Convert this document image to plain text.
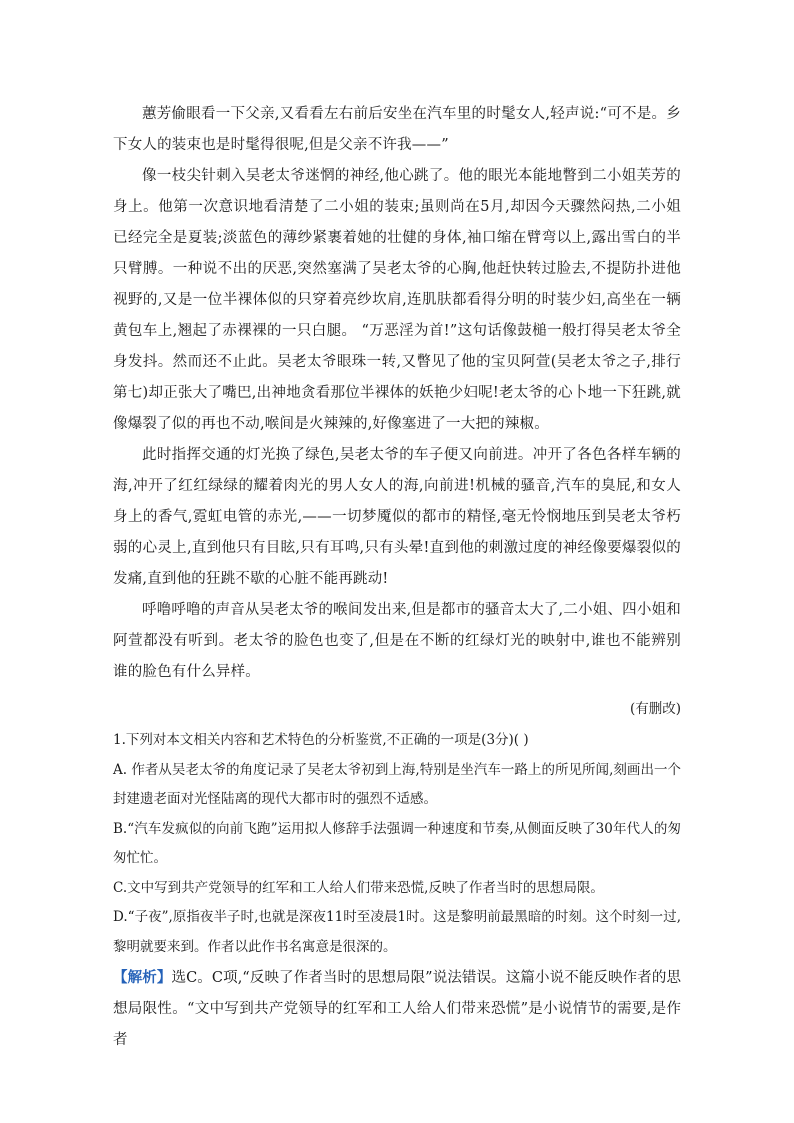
蕙芳偷眼看一下父亲,又看看左右前后安坐在汽车里的时髦女人,轻声说:“可不是。乡下女人的装束也是时髦得很呢,但是父亲不许我——”

像一枝尖针刺入吴老太爷迷惘的神经,他心跳了。他的眼光本能地瞥到二小姐芙芳的身上。他第一次意识地看清楚了二小姐的装束;虽则尚在5月,却因今天骤然闷热,二小姐已经完全是夏装;淡蓝色的薄纱紧裹着她的壮健的身体,袖口缩在臂弯以上,露出雪白的半只臂膊。一种说不出的厌恶,突然塞满了吴老太爷的心胸,他赶快转过脸去,不提防扑进他视野的,又是一位半裸体似的只穿着亮纱坎肩,连肌肤都看得分明的时装少妇,高坐在一辆黄包车上,翘起了赤裸裸的一只白腿。 “万恶淫为首!”这句话像鼓槌一般打得吴老太爷全身发抖。然而还不止此。吴老太爷眼珠一转,又瞥见了他的宝贝阿萱(吴老太爷之子,排行第七)却正张大了嘴巴,出神地贪看那位半裸体的妖艳少妇呢!老太爷的心卜地一下狂跳,就像爆裂了似的再也不动,喉间是火辣辣的,好像塞进了一大把的辣椒。

此时指挥交通的灯光换了绿色,吴老太爷的车子便又向前进。冲开了各色各样车辆的海,冲开了红红绿绿的耀着肉光的男人女人的海,向前进!机械的骚音,汽车的臭屁,和女人身上的香气,霓虹电管的赤光,——一切梦魇似的都市的精怪,毫无怜悯地压到吴老太爷朽弱的心灵上,直到他只有目眩,只有耳鸣,只有头晕!直到他的刺激过度的神经像要爆裂似的发痛,直到他的狂跳不歇的心脏不能再跳动!

呼噜呼噜的声音从吴老太爷的喉间发出来,但是都市的骚音太大了,二小姐、四小姐和阿萱都没有听到。老太爷的脸色也变了,但是在不断的红绿灯光的映射中,谁也不能辨别谁的脸色有什么异样。

(有删改)

1.下列对本文相关内容和艺术特色的分析鉴赏,不正确的一项是(3分)( )

A. 作者从吴老太爷的角度记录了吴老太爷初到上海,特别是坐汽车一路上的所见所闻,刻画出一个封建遗老面对光怪陆离的现代大都市时的强烈不适感。

B.“汽车发疯似的向前飞跑”运用拟人修辞手法强调一种速度和节奏,从侧面反映了30年代人的匆匆忙忙。

C.文中写到共产党领导的红军和工人给人们带来恐慌,反映了作者当时的思想局限。

D.“子夜”,原指夜半子时,也就是深夜11时至凌晨1时。这是黎明前最黑暗的时刻。这个时刻一过,黎明就要来到。作者以此作书名寓意是很深的。

【解析】选C。C项,“反映了作者当时的思想局限”说法错误。这篇小说不能反映作者的思想局限性。“文中写到共产党领导的红军和工人给人们带来恐慌”是小说情节的需要,是作者
